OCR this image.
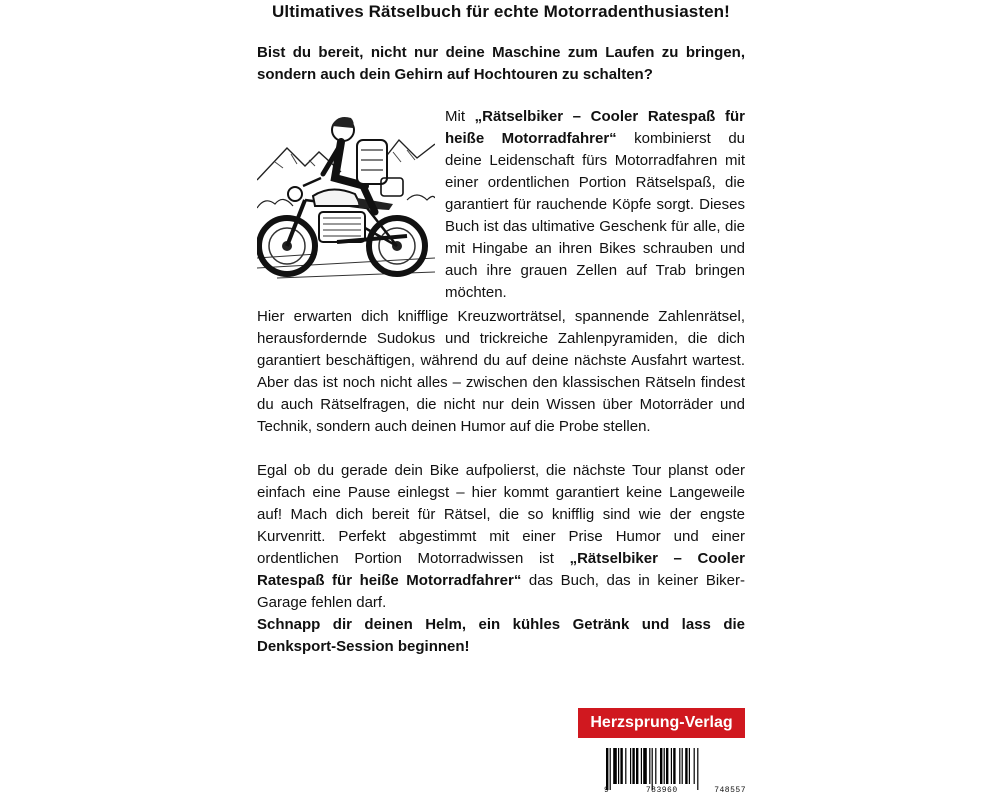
Ultimatives Rätselbuch für echte Motorradenthusiasten!
Bist du bereit, nicht nur deine Maschine zum Laufen zu bringen, sondern auch dein Gehirn auf Hochtouren zu schalten?
Mit „Rätselbiker – Cooler Ratespaß für heiße Motorradfahrer“ kombinierst du deine Leidenschaft fürs Motorradfahren mit einer ordentlichen Portion Rätselspaß, die garantiert für rauchende Köpfe sorgt. Dieses Buch ist das ultimative Geschenk für alle, die mit Hingabe an ihren Bikes schrauben und auch ihre grauen Zellen auf Trab bringen möchten.
Hier erwarten dich knifflige Kreuzworträtsel, spannende Zahlenrätsel, herausfordernde Sudokus und trickreiche Zahlenpyramiden, die dich garantiert beschäftigen, während du auf deine nächste Ausfahrt wartest. Aber das ist noch nicht alles – zwischen den klassischen Rätseln findest du auch Rätselfragen, die nicht nur dein Wissen über Motorräder und Technik, sondern auch deinen Humor auf die Probe stellen.
Egal ob du gerade dein Bike aufpolierst, die nächste Tour planst oder einfach eine Pause einlegst – hier kommt garantiert keine Langeweile auf! Mach dich bereit für Rätsel, die so knifflig sind wie der engste Kurvenritt. Perfekt abgestimmt mit einer Prise Humor und einer ordentlichen Portion Motorradwissen ist „Rätselbiker – Cooler Ratespaß für heiße Motorradfahrer“ das Buch, das in keiner Biker-Garage fehlen darf.
Schnapp dir deinen Helm, ein kühles Getränk und lass die Denksport-Session beginnen!
Herzsprung-Verlag
9	783960	748557
